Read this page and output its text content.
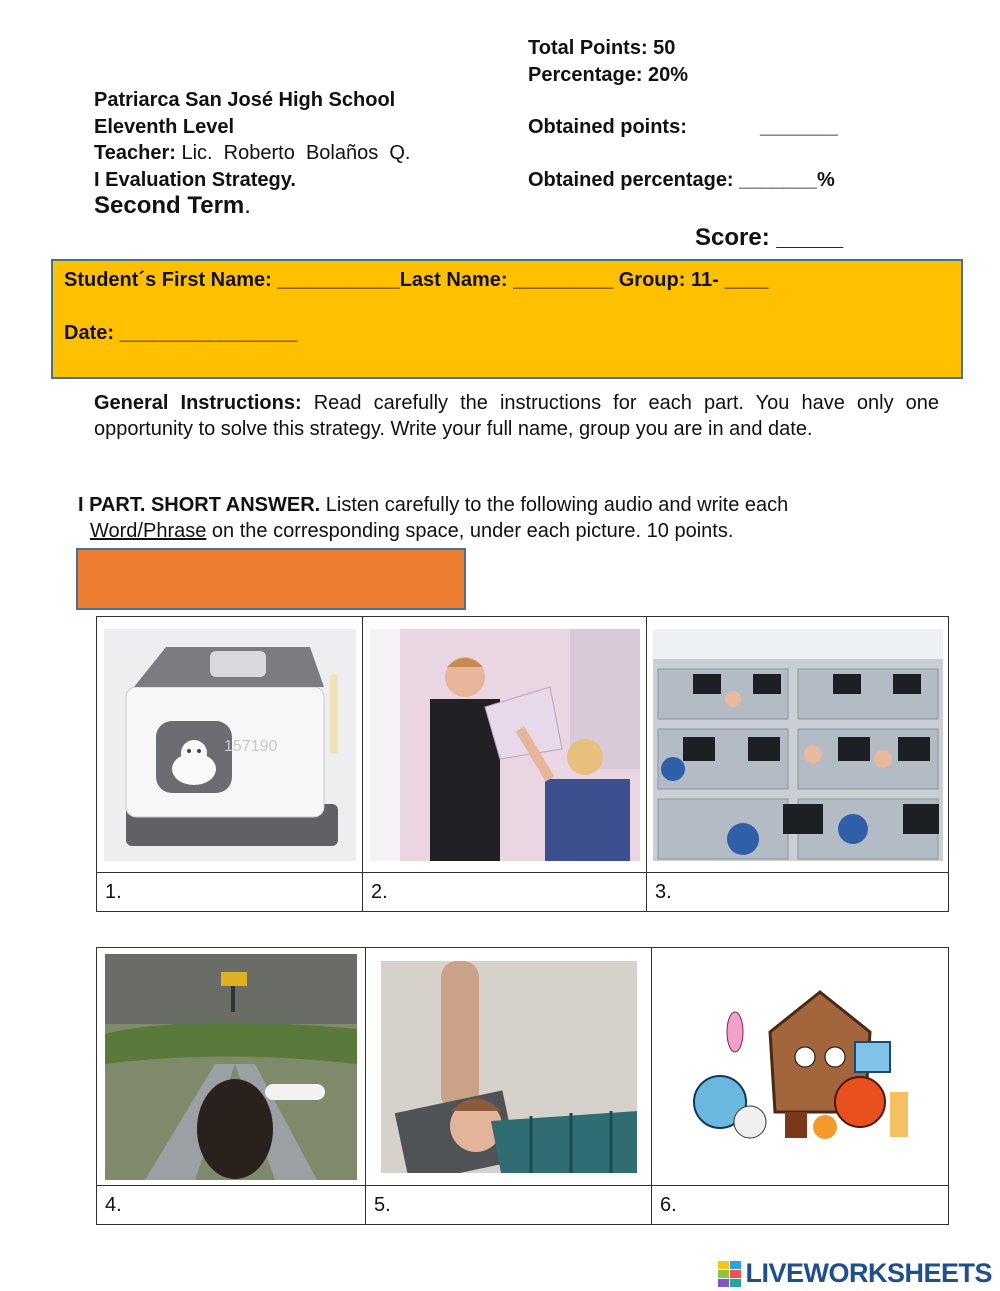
Total Points: 50
Percentage: 20%
Patriarca San José High School
Eleventh Level
Teacher: Lic.  Roberto  Bolaños  Q.
I Evaluation Strategy.
Second Term.
Obtained points:	_______
Obtained percentage: _______%
Score: _____
Student´s First Name: ___________Last Name: _________ Group: 11- ____
Date: ________________
General Instructions: Read carefully the instructions for each part. You have only one opportunity to solve this strategy. Write your full name, group you are in and date.
I PART. SHORT ANSWER. Listen carefully to the following audio and write each
Word/Phrase on the corresponding space, under each picture. 10 points.
157190

1.	2.	3.

4.	5.	6.
LIVEWORKSHEETS
